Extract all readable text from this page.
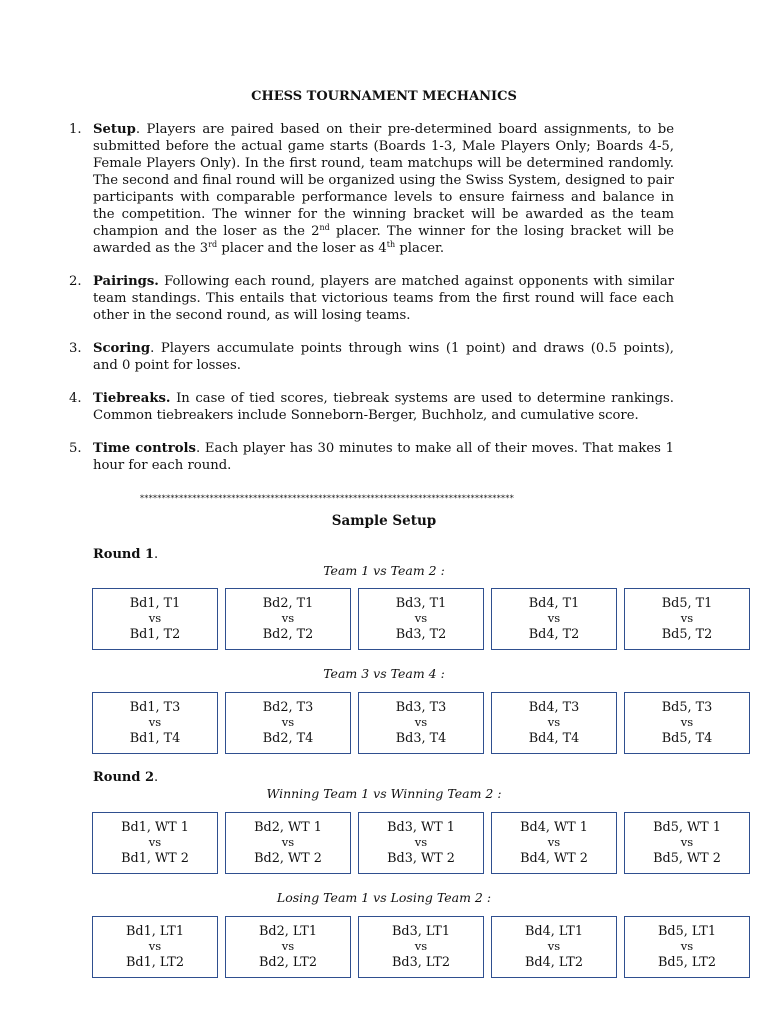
CHESS TOURNAMENT MECHANICS
1. Setup. Players are paired based on their pre-determined board assignments, to be submitted before the actual game starts (Boards 1-3, Male Players Only; Boards 4-5, Female Players Only). In the first round, team matchups will be determined randomly. The second and final round will be organized using the Swiss System, designed to pair participants with comparable performance levels to ensure fairness and balance in the competition. The winner for the winning bracket will be awarded as the team champion and the loser as the 2nd placer. The winner for the losing bracket will be awarded as the 3rd placer and the loser as 4th placer.
2. Pairings. Following each round, players are matched against opponents with similar team standings. This entails that victorious teams from the first round will face each other in the second round, as will losing teams.
3. Scoring. Players accumulate points through wins (1 point) and draws (0.5 points), and 0 point for losses.
4. Tiebreaks. In case of tied scores, tiebreak systems are used to determine rankings. Common tiebreakers include Sonneborn-Berger, Buchholz, and cumulative score.
5. Time controls. Each player has 30 minutes to make all of their moves. That makes 1 hour for each round.
**************************************************************************************
Sample Setup
Round 1.
Team 1 vs Team 2 :
Bd1, T1
vs
Bd1, T2
Bd2, T1
vs
Bd2, T2
Bd3, T1
vs
Bd3, T2
Bd4, T1
vs
Bd4, T2
Bd5, T1
vs
Bd5, T2
Team 3 vs Team 4 :
Bd1, T3
vs
Bd1, T4
Bd2, T3
vs
Bd2, T4
Bd3, T3
vs
Bd3, T4
Bd4, T3
vs
Bd4, T4
Bd5, T3
vs
Bd5, T4
Round 2.
Winning Team 1 vs Winning Team 2 :
Bd1, WT 1
vs
Bd1, WT 2
Bd2, WT 1
vs
Bd2, WT 2
Bd3, WT 1
vs
Bd3, WT 2
Bd4, WT 1
vs
Bd4, WT 2
Bd5, WT 1
vs
Bd5, WT 2
Losing Team 1 vs Losing Team 2 :
Bd1, LT1
vs
Bd1, LT2
Bd2, LT1
vs
Bd2, LT2
Bd3, LT1
vs
Bd3, LT2
Bd4, LT1
vs
Bd4, LT2
Bd5, LT1
vs
Bd5, LT2
